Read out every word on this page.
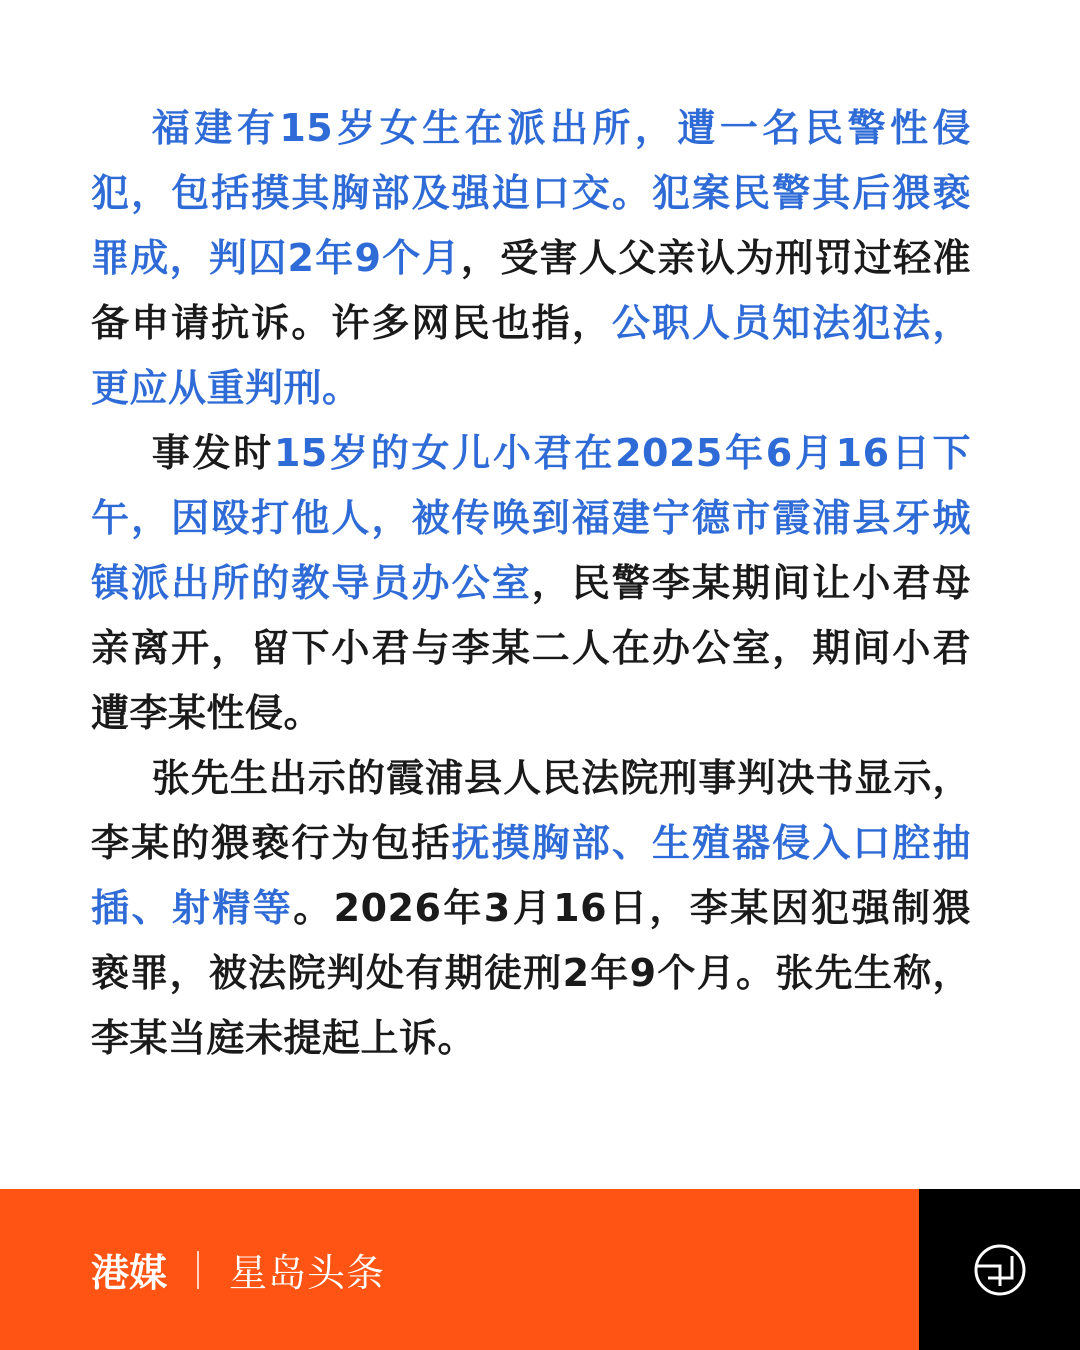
福建有15岁女生在派出所，遭一名民警性侵犯，包括摸其胸部及强迫口交。犯案民警其后猥亵罪成，判囚2年9个月，受害人父亲认为刑罚过轻准备申请抗诉。许多网民也指，公职人员知法犯法，更应从重判刑。

事发时15岁的女儿小君在2025年6月16日下午，因殴打他人，被传唤到福建宁德市霞浦县牙城镇派出所的教导员办公室，民警李某期间让小君母亲离开，留下小君与李某二人在办公室，期间小君遭李某性侵。

张先生出示的霞浦县人民法院刑事判决书显示，李某的猥亵行为包括抚摸胸部、生殖器侵入口腔抽插、射精等。2026年3月16日，李某因犯强制猥亵罪，被法院判处有期徒刑2年9个月。张先生称，李某当庭未提起上诉。

港媒 星岛头条
